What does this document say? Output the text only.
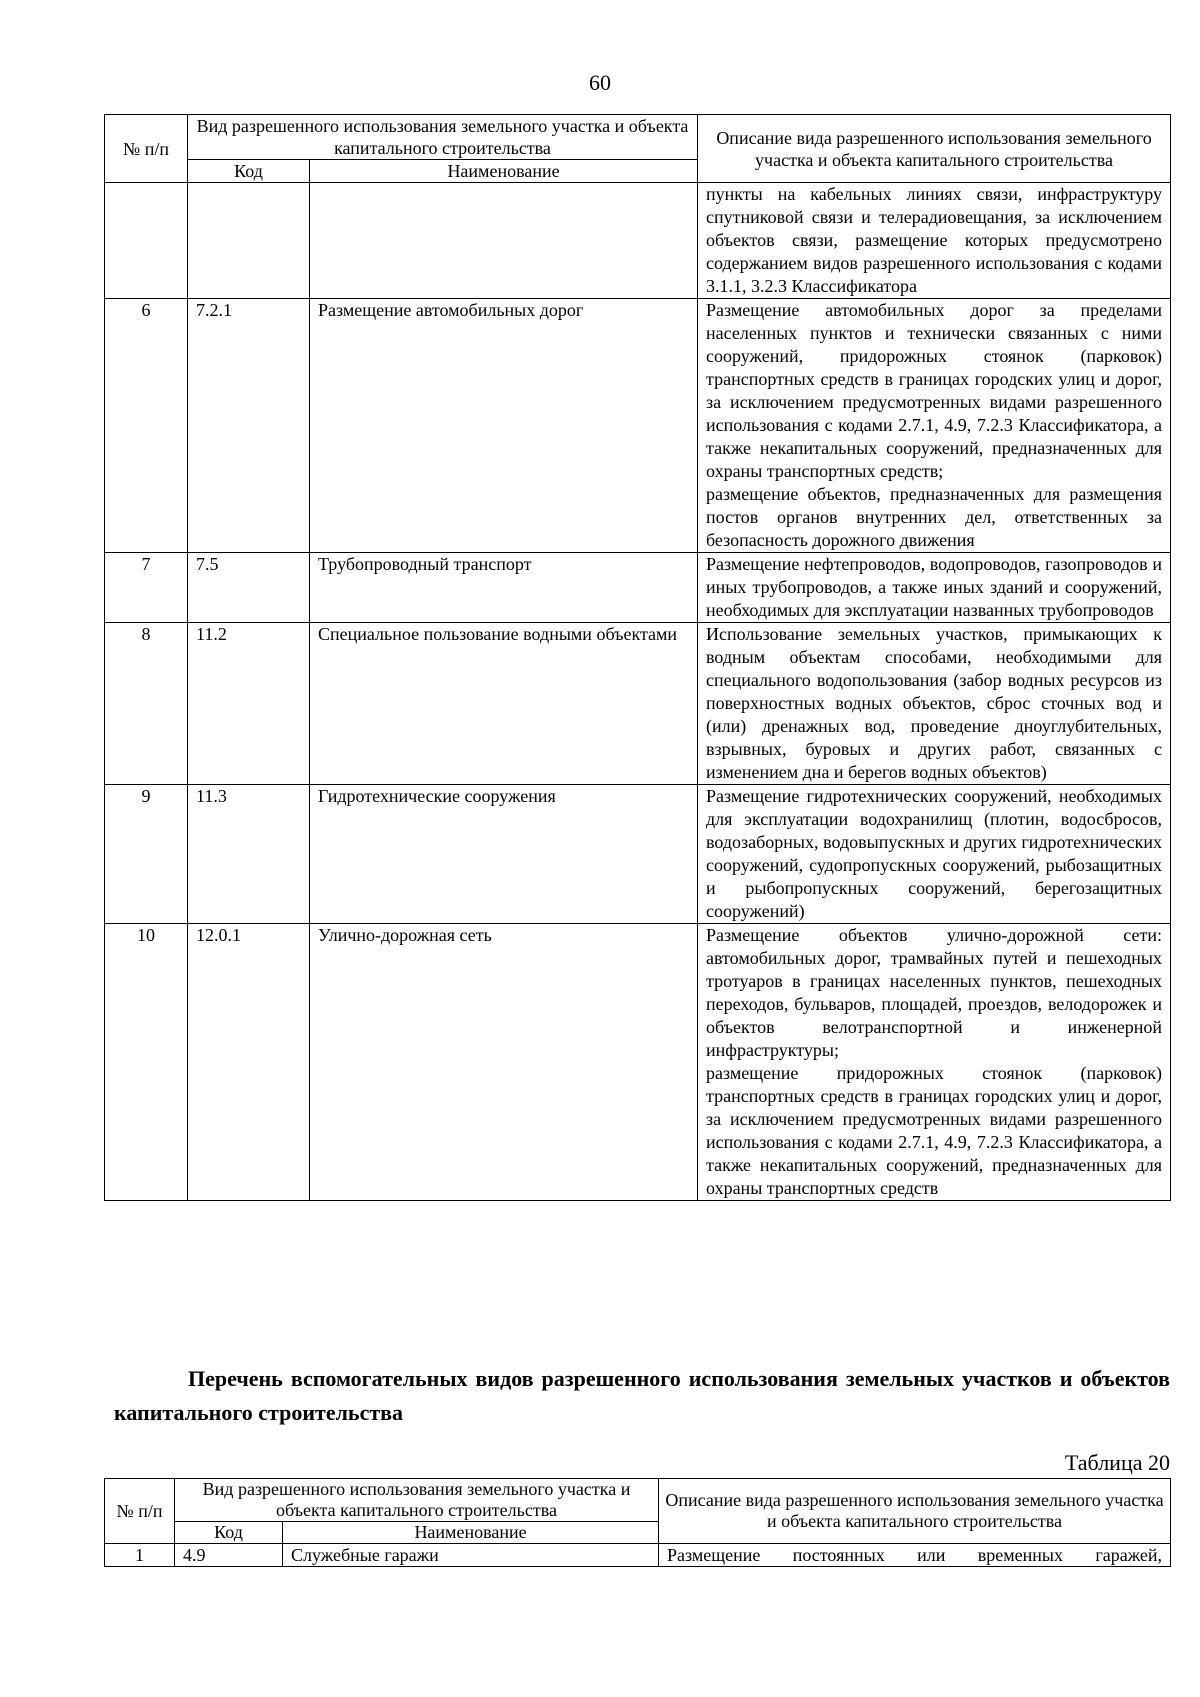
60
№ п/п	Вид разрешенного использования земельного участка и объекта капитального строительства		Описание вида разрешенного использования земельного участка и объекта капитального строительства
	Код	Наименование	
			пункты на кабельных линиях связи, инфраструктуру спутниковой связи и телерадиовещания, за исключением объектов связи, размещение которых предусмотрено содержанием видов разрешенного использования с кодами 3.1.1, 3.2.3 Классификатора
6	7.2.1	Размещение автомобильных дорог	Размещение автомобильных дорог за пределами населенных пунктов и технически связанных с ними сооружений, придорожных стоянок (парковок) транспортных средств в границах городских улиц и дорог, за исключением предусмотренных видами разрешенного использования с кодами 2.7.1, 4.9, 7.2.3 Классификатора, а также некапитальных сооружений, предназначенных для охраны транспортных средств;
размещение объектов, предназначенных для размещения постов органов внутренних дел, ответственных за безопасность дорожного движения
7	7.5	Трубопроводный транспорт	Размещение нефтепроводов, водопроводов, газопроводов и иных трубопроводов, а также иных зданий и сооружений, необходимых для эксплуатации названных трубопроводов
8	11.2	Специальное пользование водными объектами	Использование земельных участков, примыкающих к водным объектам способами, необходимыми для специального водопользования (забор водных ресурсов из поверхностных водных объектов, сброс сточных вод и (или) дренажных вод, проведение дноуглубительных, взрывных, буровых и других работ, связанных с изменением дна и берегов водных объектов)
9	11.3	Гидротехнические сооружения	Размещение гидротехнических сооружений, необходимых для эксплуатации водохранилищ (плотин, водосбросов, водозаборных, водовыпускных и других гидротехнических сооружений, судопропускных сооружений, рыбозащитных и рыбопропускных сооружений, берегозащитных сооружений)
10	12.0.1	Улично-дорожная сеть	Размещение объектов улично-дорожной сети: автомобильных дорог, трамвайных путей и пешеходных тротуаров в границах населенных пунктов, пешеходных переходов, бульваров, площадей, проездов, велодорожек и объектов велотранспортной и инженерной инфраструктуры;
размещение придорожных стоянок (парковок) транспортных средств в границах городских улиц и дорог, за исключением предусмотренных видами разрешенного использования с кодами 2.7.1, 4.9, 7.2.3 Классификатора, а также некапитальных сооружений, предназначенных для охраны транспортных средств
Перечень вспомогательных видов разрешенного использования земельных участков и объектов капитального строительства
Таблица 20
№ п/п	Вид разрешенного использования земельного участка и объекта капитального строительства		Описание вида разрешенного использования земельного участка и объекта капитального строительства
	Код	Наименование	
1	4.9	Служебные гаражи	Размещение постоянных или временных гаражей,
